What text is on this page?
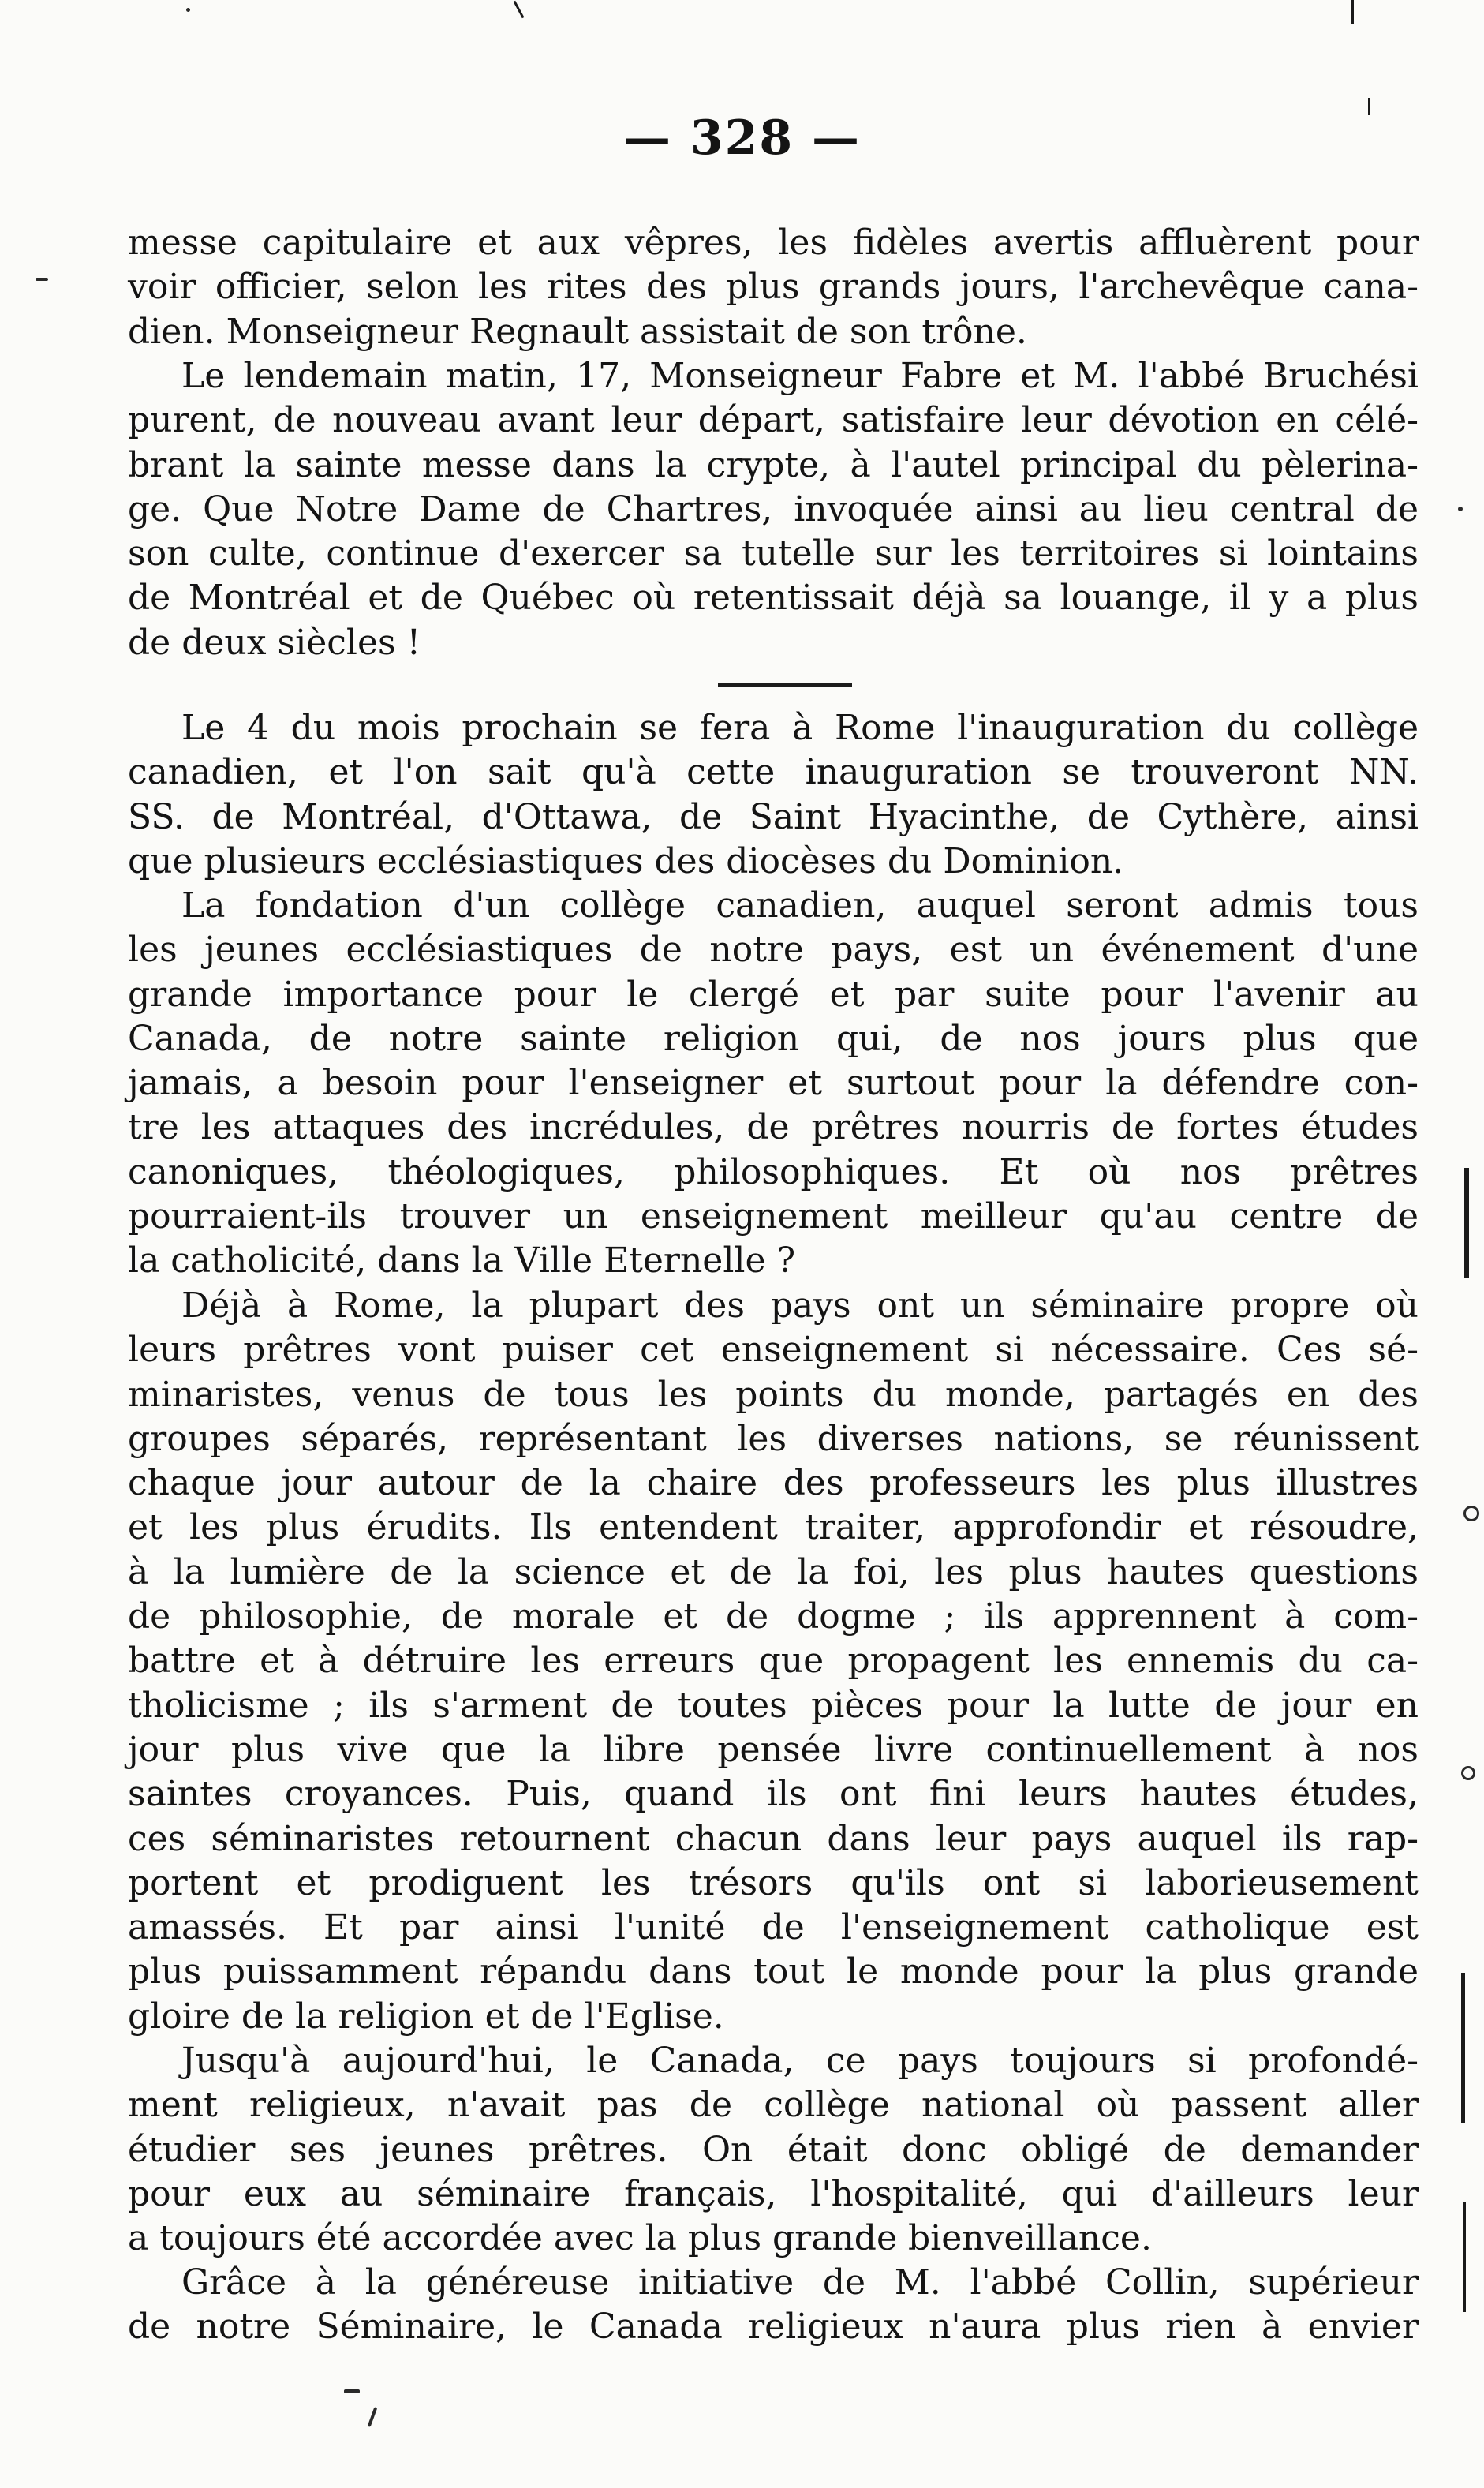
— 328 —

messe capitulaire et aux vêpres, les fidèles avertis affluèrent pour

voir officier, selon les rites des plus grands jours, l'archevêque cana-

dien. Monseigneur Regnault assistait de son trône.

Le lendemain matin, 17, Monseigneur Fabre et M. l'abbé Bruchési

purent, de nouveau avant leur départ, satisfaire leur dévotion en célé-

brant la sainte messe dans la crypte, à l'autel principal du pèlerina-

ge. Que Notre Dame de Chartres, invoquée ainsi au lieu central de

son culte, continue d'exercer sa tutelle sur les territoires si lointains

de Montréal et de Québec où retentissait déjà sa louange, il y a plus

de deux siècles !

Le 4 du mois prochain se fera à Rome l'inauguration du collège

canadien, et l'on sait qu'à cette inauguration se trouveront NN.

SS. de Montréal, d'Ottawa, de Saint Hyacinthe, de Cythère, ainsi

que plusieurs ecclésiastiques des diocèses du Dominion.

La fondation d'un collège canadien, auquel seront admis tous

les jeunes ecclésiastiques de notre pays, est un événement d'une

grande importance pour le clergé et par suite pour l'avenir au

Canada, de notre sainte religion qui, de nos jours plus que

jamais, a besoin pour l'enseigner et surtout pour la défendre con-

tre les attaques des incrédules, de prêtres nourris de fortes études

canoniques, théologiques, philosophiques. Et où nos prêtres

pourraient-ils trouver un enseignement meilleur qu'au centre de

la catholicité, dans la Ville Eternelle ?

Déjà à Rome, la plupart des pays ont un séminaire propre où

leurs prêtres vont puiser cet enseignement si nécessaire. Ces sé-

minaristes, venus de tous les points du monde, partagés en des

groupes séparés, représentant les diverses nations, se réunissent

chaque jour autour de la chaire des professeurs les plus illustres

et les plus érudits. Ils entendent traiter, approfondir et résoudre,

à la lumière de la science et de la foi, les plus hautes questions

de philosophie, de morale et de dogme ; ils apprennent à com-

battre et à détruire les erreurs que propagent les ennemis du ca-

tholicisme ; ils s'arment de toutes pièces pour la lutte de jour en

jour plus vive que la libre pensée livre continuellement à nos

saintes croyances. Puis, quand ils ont fini leurs hautes études,

ces séminaristes retournent chacun dans leur pays auquel ils rap-

portent et prodiguent les trésors qu'ils ont si laborieusement

amassés. Et par ainsi l'unité de l'enseignement catholique est

plus puissamment répandu dans tout le monde pour la plus grande

gloire de la religion et de l'Eglise.

Jusqu'à aujourd'hui, le Canada, ce pays toujours si profondé-

ment religieux, n'avait pas de collège national où passent aller

étudier ses jeunes prêtres. On était donc obligé de demander

pour eux au séminaire français, l'hospitalité, qui d'ailleurs leur

a toujours été accordée avec la plus grande bienveillance.

Grâce à la généreuse initiative de M. l'abbé Collin, supérieur

de notre Séminaire, le Canada religieux n'aura plus rien à envier
